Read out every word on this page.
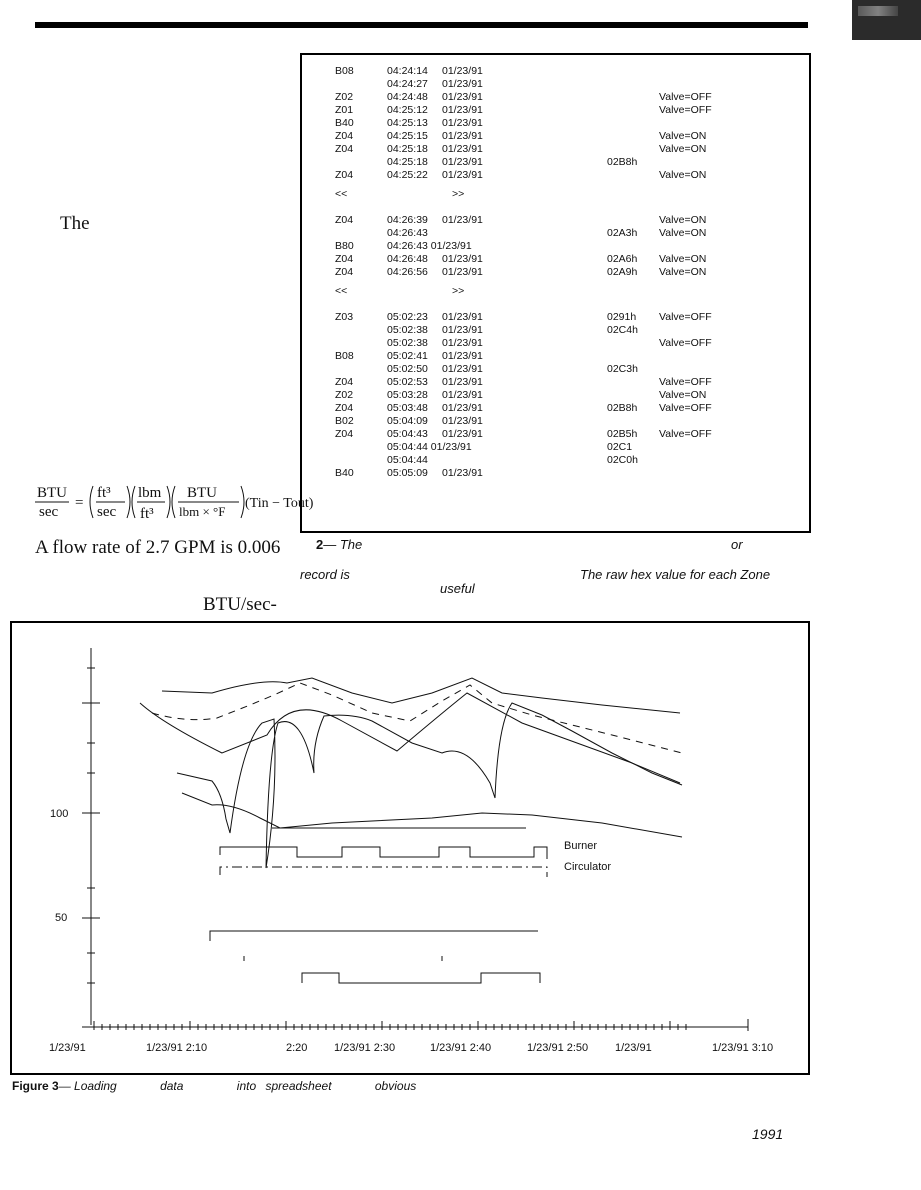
The
A flow rate of 2.7 GPM is 0.006
BTU/sec-
BTU
sec
=
ft³
sec
lbm
ft³
BTU
lbm × °F
(Tin − Tout)
B08	04:24:14 01/23/91
04:24:27 01/23/91
Z02	04:24:48 01/23/91	Valve=OFF
Z01	04:25:12 01/23/91	Valve=OFF
B40	04:25:13 01/23/91
Z04	04:25:15 01/23/91	Valve=ON
Z04	04:25:18 01/23/91	Valve=ON
04:25:18 01/23/91	02B8h
Z04	04:25:22 01/23/91	Valve=ON
<<	>>
Z04	04:26:39 01/23/91	Valve=ON
04:26:43	02A3h Valve=ON
B80	04:26:43 01/23/91
Z04	04:26:48 01/23/91	02A6h Valve=ON
Z04	04:26:56 01/23/91	02A9h Valve=ON
<<	>>
Z03	05:02:23 01/23/91	0291h Valve=OFF
05:02:38 01/23/91	02C4h
05:02:38 01/23/91	Valve=OFF
B08	05:02:41 01/23/91
05:02:50 01/23/91	02C3h
Z04	05:02:53 01/23/91	Valve=OFF
Z02	05:03:28 01/23/91	Valve=ON
Z04	05:03:48 01/23/91	02B8h Valve=OFF
B02	05:04:09 01/23/91
Z04	05:04:43 01/23/91	02B5h Valve=OFF
05:04:44 01/23/91	02C1
05:04:44	02C0h
B40	05:05:09 01/23/91
2— The	or
record is
useful
The raw hex value for each Zone
100
50
Burner
Circulator
1/23/91	1/23/91 2:10	2:20 1/23/91 2:30	1/23/91 2:40	1/23/91 2:50 1/23/91	1/23/91 3:10
Figure 3— Loading	data	into spreadsheet	obvious
1991
